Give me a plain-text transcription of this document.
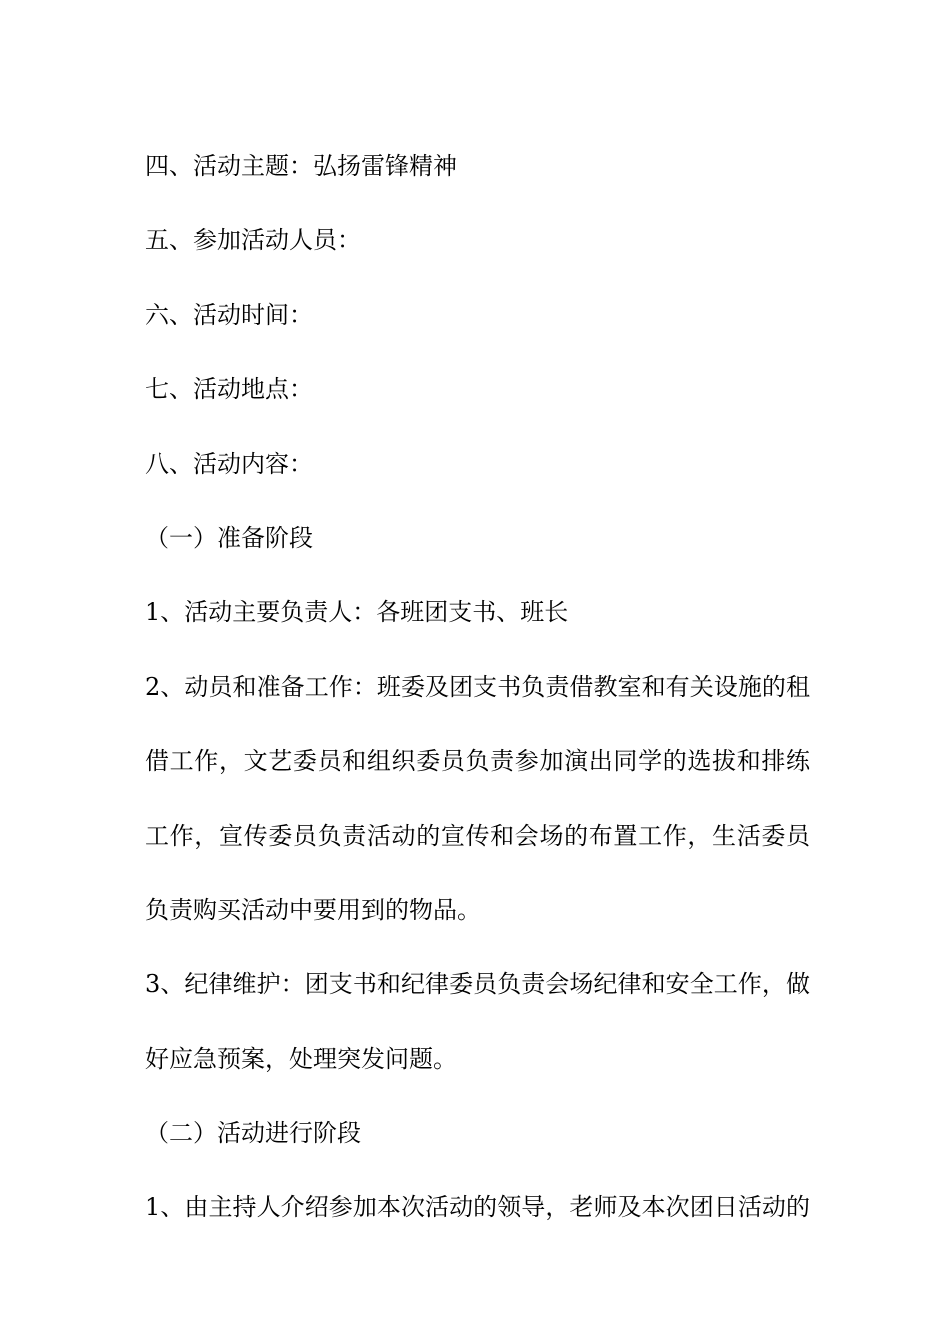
四、活动主题：弘扬雷锋精神
五、参加活动人员：
六、活动时间：
七、活动地点：
八、活动内容：
（一）准备阶段
1、活动主要负责人：各班团支书、班长
2、动员和准备工作：班委及团支书负责借教室和有关设施的租
借工作，文艺委员和组织委员负责参加演出同学的选拔和排练
工作，宣传委员负责活动的宣传和会场的布置工作，生活委员
负责购买活动中要用到的物品。
3、纪律维护：团支书和纪律委员负责会场纪律和安全工作，做
好应急预案，处理突发问题。
（二）活动进行阶段
1、由主持人介绍参加本次活动的领导，老师及本次团日活动的
